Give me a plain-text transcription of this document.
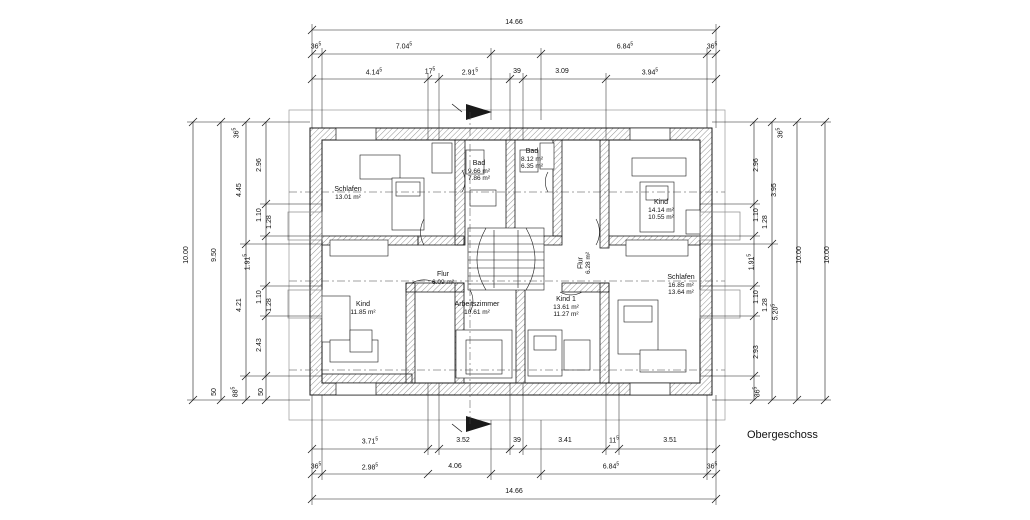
Schlafen
13.01 m²
Bad
9.66 m²
7.86 m²
Bad
8.12 m²
6.35 m²
Kind
14.14 m²
10.55 m²
Schlafen
16.85 m²
13.64 m²
Flur
6.09 m²
Flur 6.28 m²
Kind
11.85 m²
Arbeitszimmer
10.61 m²
Kind 1
13.61 m²
11.27 m²
Obergeschoss
14.66
$36^5$	7.04$^5$	6.84$^5$	$36^5$
4.14$^5$	$17^5$
2.91$^5$	39	3.09	3.94$^5$
3.71$^5$	3.52	39	3.41	$11^5$	3.51
$36^5$
2.98$^5$	4.06	6.84$^5$	$36^5$
14.66
10.00	9.50
4.45
4.21
2.96
1.10
1.28
1.91$^5$
1.10
1.28
2.43
50	$88^5$	50
$36^5$
$36^5$
2.96
3.95
1.10
1.28
1.91$^5$
1.10
1.28
5.20$^5$
2.93
$36^5$
10.00	10.00
